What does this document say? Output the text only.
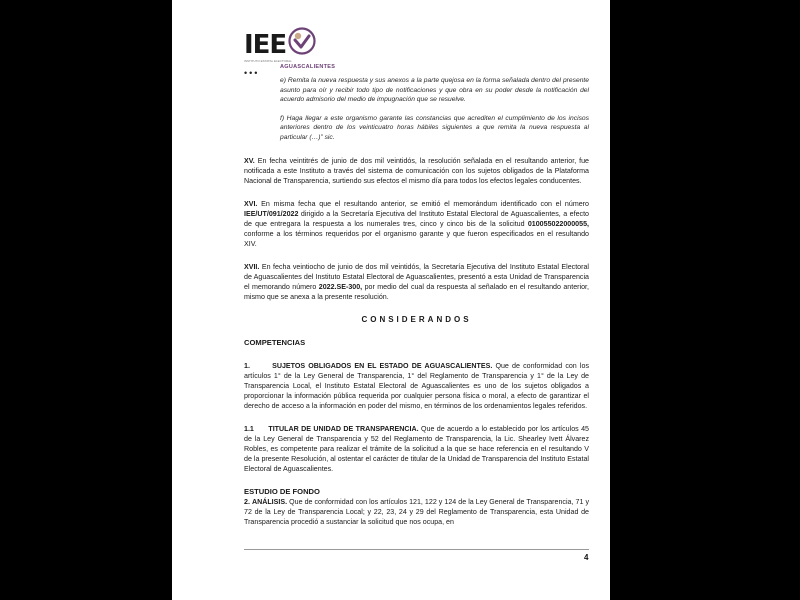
IEE
INSTITUTO ESTATAL ELECTORAL
AGUASCALIENTES
•••

e) Remita la nueva respuesta y sus anexos a la parte quejosa en la forma señalada dentro del presente asunto para oír y recibir todo tipo de notificaciones y que obra en su poder desde la notificación del acuerdo admisorio del medio de impugnación que se resuelve.

f) Haga llegar a este organismo garante las constancias que acrediten el cumplimiento de los incisos anteriores dentro de los veinticuatro horas hábiles siguientes a que remita la nueva respuesta al particular (…)” sic.

XV. En fecha veintitrés de junio de dos mil veintidós, la resolución señalada en el resultando anterior, fue notificada a este Instituto a través del sistema de comunicación con los sujetos obligados de la Plataforma Nacional de Transparencia, surtiendo sus efectos el mismo día para todos los efectos legales conducentes.

XVI. En misma fecha que el resultando anterior, se emitió el memorándum identificado con el número IEE/UT/091/2022 dirigido a la Secretaría Ejecutiva del Instituto Estatal Electoral de Aguascalientes, a efecto de que entregara la respuesta a los numerales tres, cinco y cinco bis de la solicitud 010055022000055, conforme a los términos requeridos por el organismo garante y que fueron especificados en el resultando XIV.

XVII. En fecha veintiocho de junio de dos mil veintidós, la Secretaría Ejecutiva del Instituto Estatal Electoral de Aguascalientes del Instituto Estatal Electoral de Aguascalientes, presentó a esta Unidad de Transparencia el memorando número 2022.SE-300, por medio del cual da respuesta al señalado en el resultando anterior, mismo que se anexa a la presente resolución.

CONSIDERANDOS

COMPETENCIAS

1.	SUJETOS OBLIGADOS EN EL ESTADO DE AGUASCALIENTES. Que de conformidad con los artículos 1° de la Ley General de Transparencia, 1° del Reglamento de Transparencia y 1° de la Ley de Transparencia Local, el Instituto Estatal Electoral de Aguascalientes es uno de los sujetos obligados a proporcionar la información pública requerida por cualquier persona física o moral, a efecto de garantizar el derecho de acceso a la información en poder del mismo, en términos de los ordenamientos legales referidos.

1.1 TITULAR DE UNIDAD DE TRANSPARENCIA. Que de acuerdo a lo establecido por los artículos 45 de la Ley General de Transparencia y 52 del Reglamento de Transparencia, la Lic. Shearley Ivett Álvarez Robles, es competente para realizar el trámite de la solicitud a la que se hace referencia en el resultando V de la presente Resolución, al ostentar el carácter de titular de la Unidad de Transparencia del Instituto Estatal Electoral de Aguascalientes.

ESTUDIO DE FONDO

2. ANÁLISIS. Que de conformidad con los artículos 121, 122 y 124 de la Ley General de Transparencia, 71 y 72 de la Ley de Transparencia Local; y 22, 23, 24 y 29 del Reglamento de Transparencia, esta Unidad de Transparencia procedió a sustanciar la solicitud que nos ocupa, en

4
